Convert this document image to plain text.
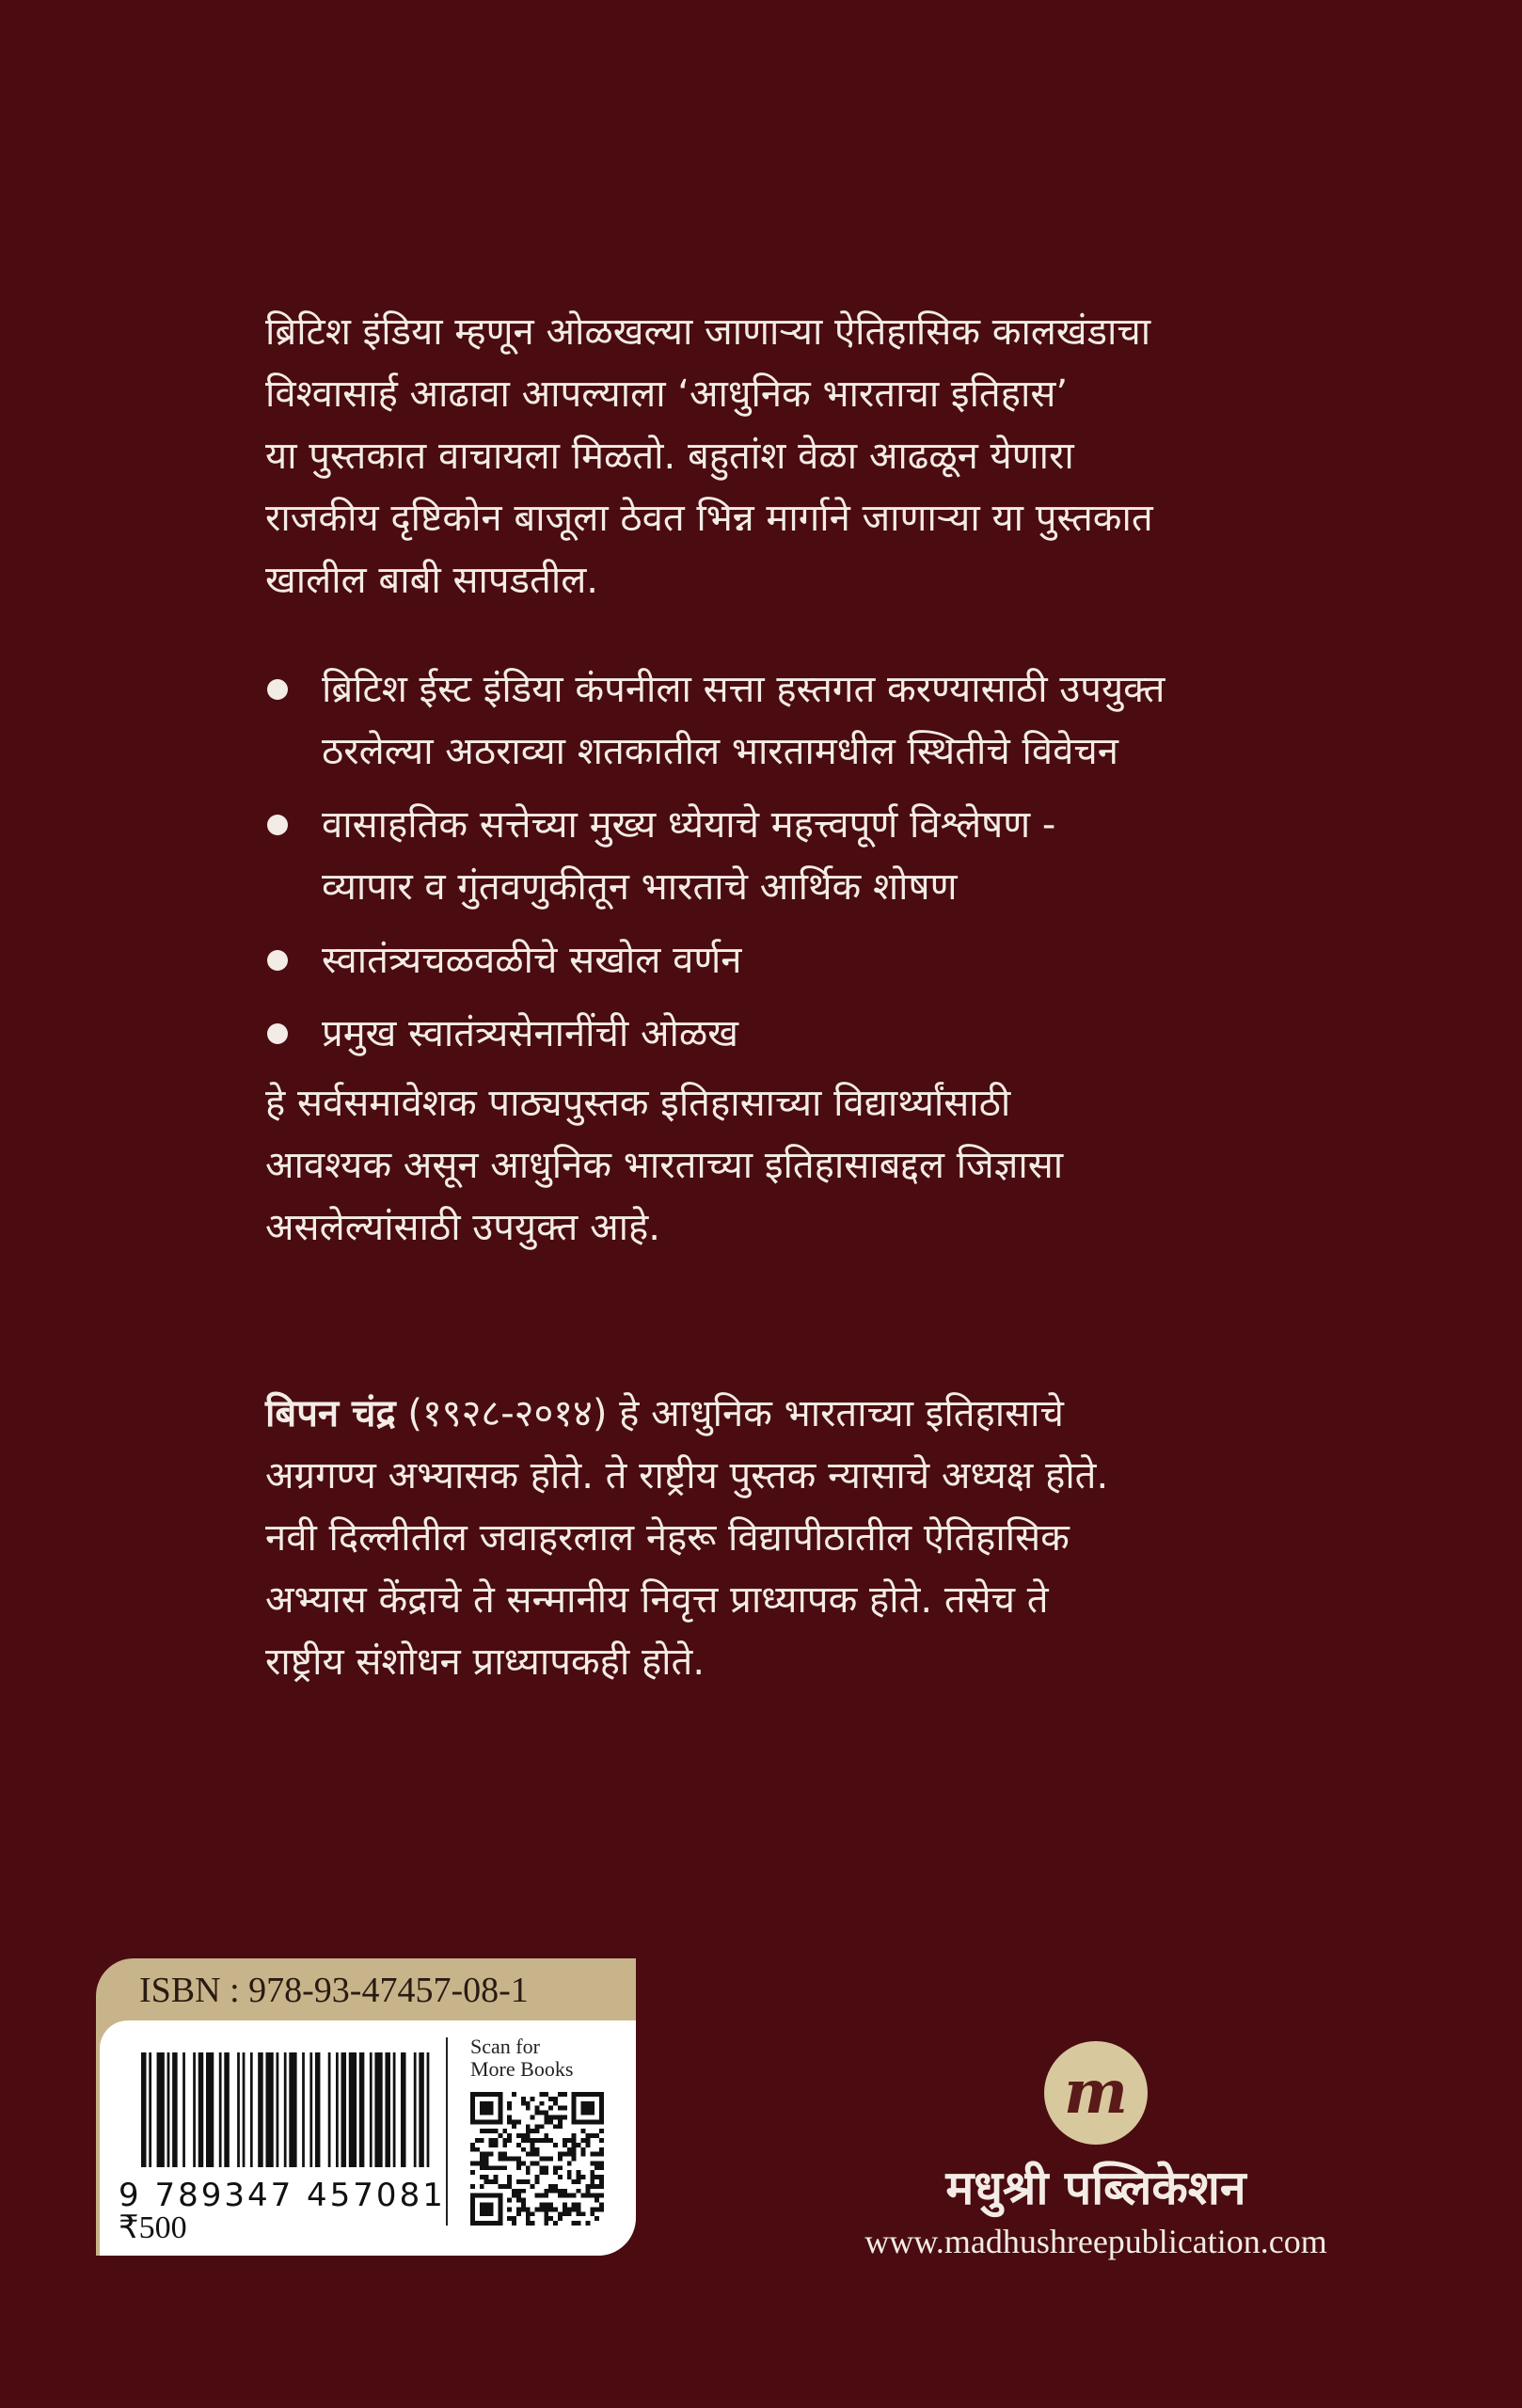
ब्रिटिश इंडिया म्हणून ओळखल्या जाणाऱ्या ऐतिहासिक कालखंडाचा

विश्वासार्ह आढावा आपल्याला ‘आधुनिक भारताचा इतिहास’

या पुस्तकात वाचायला मिळतो. बहुतांश वेळा आढळून येणारा

राजकीय दृष्टिकोन बाजूला ठेवत भिन्न मार्गाने जाणाऱ्या या पुस्तकात

खालील बाबी सापडतील.

ब्रिटिश ईस्ट इंडिया कंपनीला सत्ता हस्तगत करण्यासाठी उपयुक्त
ठरलेल्या अठराव्या शतकातील भारतामधील स्थितीचे विवेचन
वासाहतिक सत्तेच्या मुख्य ध्येयाचे महत्त्वपूर्ण विश्लेषण -
व्यापार व गुंतवणुकीतून भारताचे आर्थिक शोषण
स्वातंत्र्यचळवळीचे सखोल वर्णन
प्रमुख स्वातंत्र्यसेनानींची ओळख

हे सर्वसमावेशक पाठ्यपुस्तक इतिहासाच्या विद्यार्थ्यांसाठी

आवश्यक असून आधुनिक भारताच्या इतिहासाबद्दल जिज्ञासा

असलेल्यांसाठी उपयुक्त आहे.

बिपन चंद्र (१९२८-२०१४) हे आधुनिक भारताच्या इतिहासाचे

अग्रगण्य अभ्यासक होते. ते राष्ट्रीय पुस्तक न्यासाचे अध्यक्ष होते.

नवी दिल्लीतील जवाहरलाल नेहरू विद्यापीठातील ऐतिहासिक

अभ्यास केंद्राचे ते सन्मानीय निवृत्त प्राध्यापक होते. तसेच ते

राष्ट्रीय संशोधन प्राध्यापकही होते.

ISBN : 978-93-47457-08-1
9 789347 457081
₹500
Scan for
More Books	m
मधुश्री पब्लिकेशन
www.madhushreepublication.com
